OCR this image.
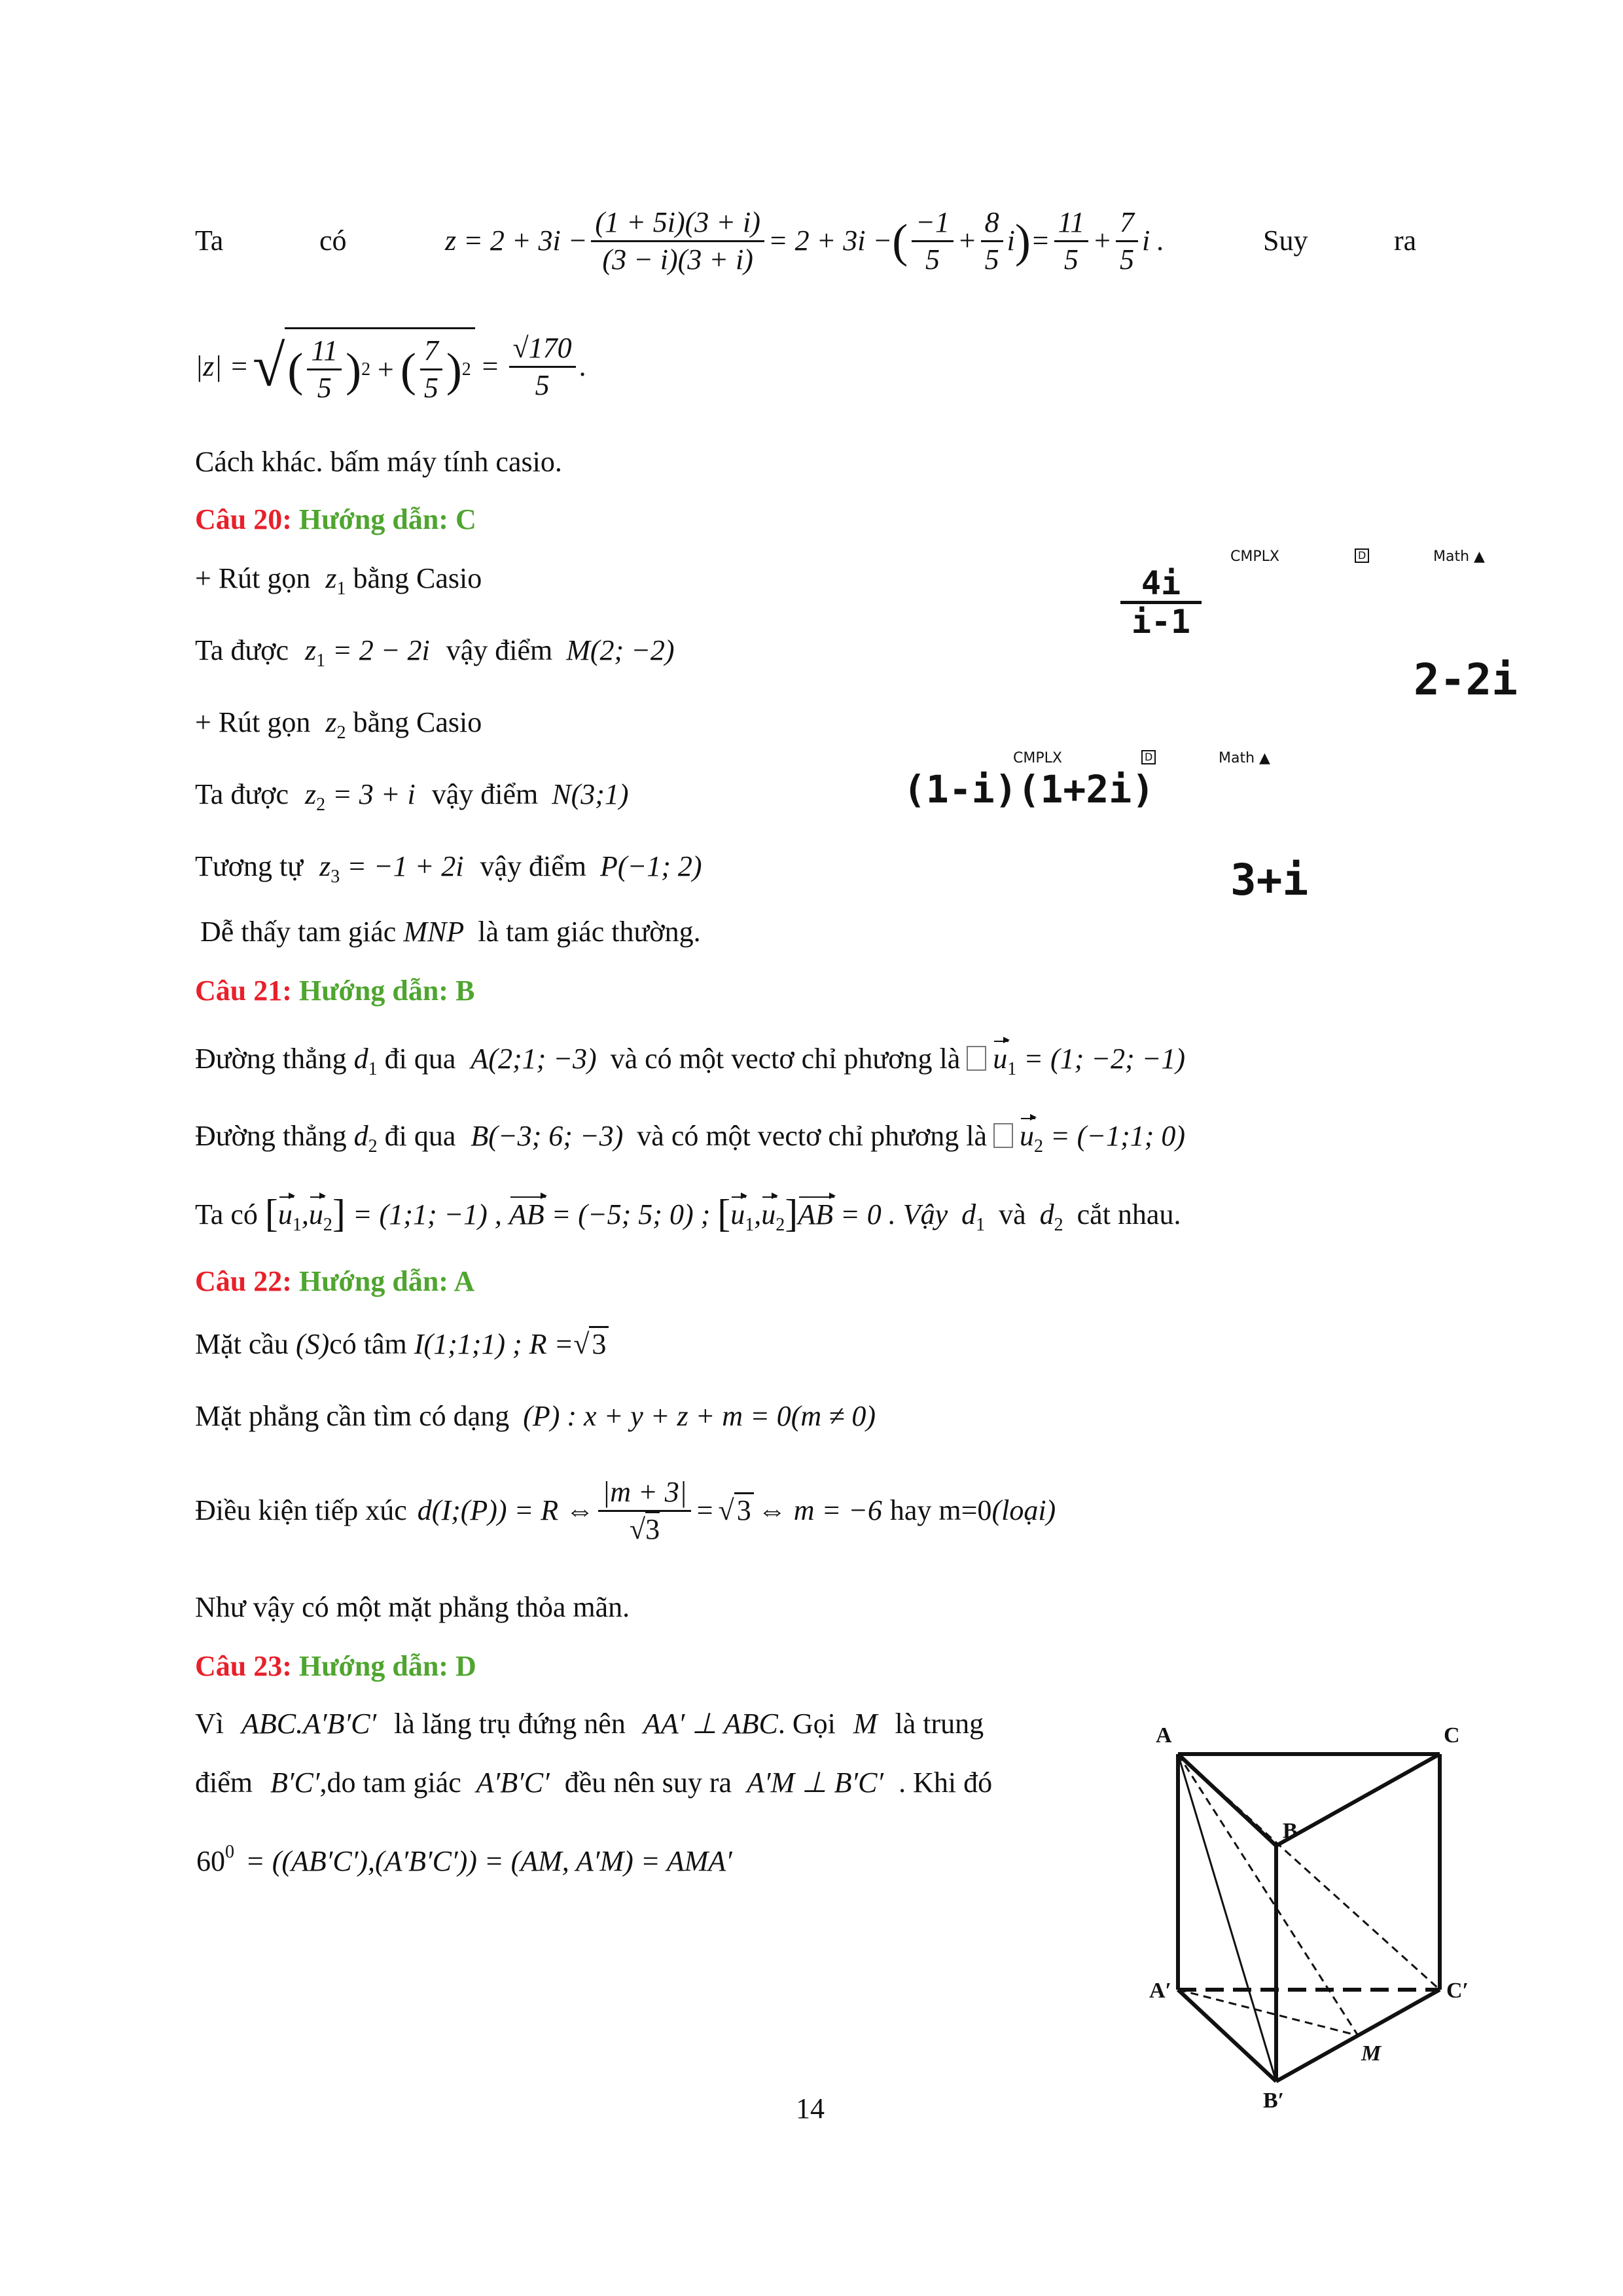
Ta	có	$z = 2 + 3i - \frac{(1 + 5i)(3 + i)}{(3 - i)(3 + i)} = 2 + 3i$ − ( $\frac{-1}{5} + \frac{8}{5}$ i ) = $\frac{11}{5} + \frac{7}{5}$ i .	Suy	ra
|z| = √ ( $\frac{11}{5}$ ) 2 + ( $\frac{7}{5}$ ) $2 = \frac{√170}{5}$ .
Cách khác. bấm máy tính casio.
Câu 20: Hướng dẫn: C
+ Rút gọn $z_1$ bằng Casio
Ta được $z_1 = 2 - 2i$ vậy điểm M(2; −2)
+ Rút gọn $z_2$ bằng Casio
Ta được $z_2 = 3 + i$ vậy điểm N(3;1)
Tương tự $z_3 = -1 + 2i$ vậy điểm P(−1; 2)
Dễ thấy tam giác MNP là tam giác thường.
CMPLX	D	Math ▲
4i
i-1
2-2i
CMPLX	D	Math ▲
(1-i)(1+2i)
3+i
Câu 21: Hướng dẫn: B
Đường thẳng $d_1$ đi qua A(2;1; −3) và có một vectơ chỉ phương là $u_1 = (1$; −2; −1)
Đường thẳng $d_2$ đi qua B(−3; 6; −3) và có một vectơ chỉ phương là $u_2$ = (−1;1; 0)
Ta có $[u_1,u_2]$ = (1;1; −1) , AB = (−5; 5; 0) ; $[u_1,u_2]AB = 0$ . Vậy $d_1$ và $d_2$ cắt nhau.
Câu 22: Hướng dẫn: A
Mặt cầu (S)có tâm I(1;1;1) ; R =√3
Mặt phẳng cần tìm có dạng (P) : x + y + z + m = 0(m ≠ 0)
Điều kiện tiếp xúc d(I;(P)) = R ⇔ $\frac{|m + 3|}{√3} = √3$ ⇔ m = −6 hay m=0 (loại)
Như vậy có một mặt phẳng thỏa mãn.
Câu 23: Hướng dẫn: D
Vì ABC.A′B′C′ là lăng trụ đứng nên AA′ ⊥ ABC. Gọi M là trung
điểm B′C′,do tam giác A′B′C′ đều nên suy ra A′M ⊥ B′C′ . Khi đó
$60^0 = ((AB'C'),(A'B'C')) = (AM$, A′M) = AMA′
A	C
B
A′	C′
M
B′
14
